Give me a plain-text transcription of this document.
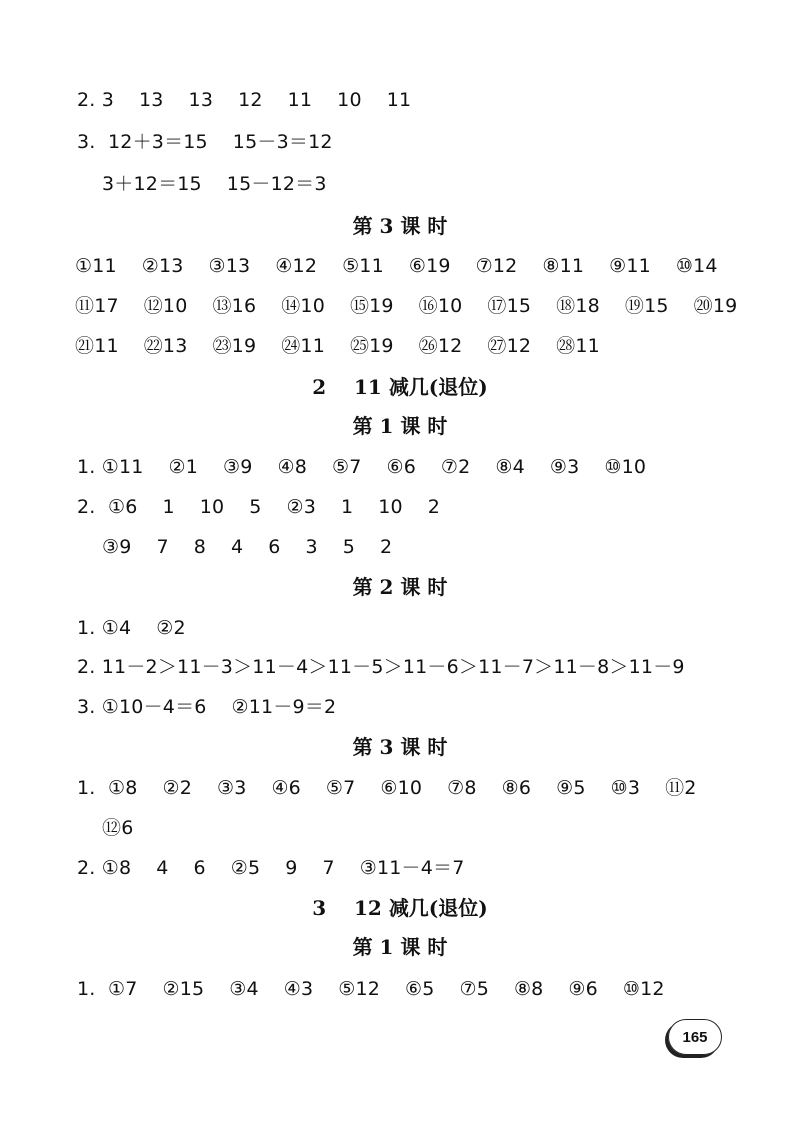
2. 3    13    13    12    11    10    11
3.  12＋3＝15    15－3＝12
3＋12＝15    15－12＝3
第 3 课 时
①11    ②13    ③13    ④12    ⑤11    ⑥19    ⑦12    ⑧11    ⑨11    ⑩14
⑪17    ⑫10    ⑬16    ⑭10    ⑮19    ⑯10    ⑰15    ⑱18    ⑲15    ⑳19
㉑11    ㉒13    ㉓19    ㉔11    ㉕19    ㉖12    ㉗12    ㉘11
2    11 减几(退位)
第 1 课 时
1. ①11    ②1    ③9    ④8    ⑤7    ⑥6    ⑦2    ⑧4    ⑨3    ⑩10
2.  ①6    1    10    5    ②3    1    10    2
③9    7    8    4    6    3    5    2
第 2 课 时
1. ①4    ②2
2. 11－2＞11－3＞11－4＞11－5＞11－6＞11－7＞11－8＞11－9
3. ①10－4＝6    ②11－9＝2
第 3 课 时
1.  ①8    ②2    ③3    ④6    ⑤7    ⑥10    ⑦8    ⑧6    ⑨5    ⑩3    ⑪2
⑫6
2. ①8    4    6    ②5    9    7    ③11－4＝7
3    12 减几(退位)
第 1 课 时
1.  ①7    ②15    ③4    ④3    ⑤12    ⑥5    ⑦5    ⑧8    ⑨6    ⑩12
165
